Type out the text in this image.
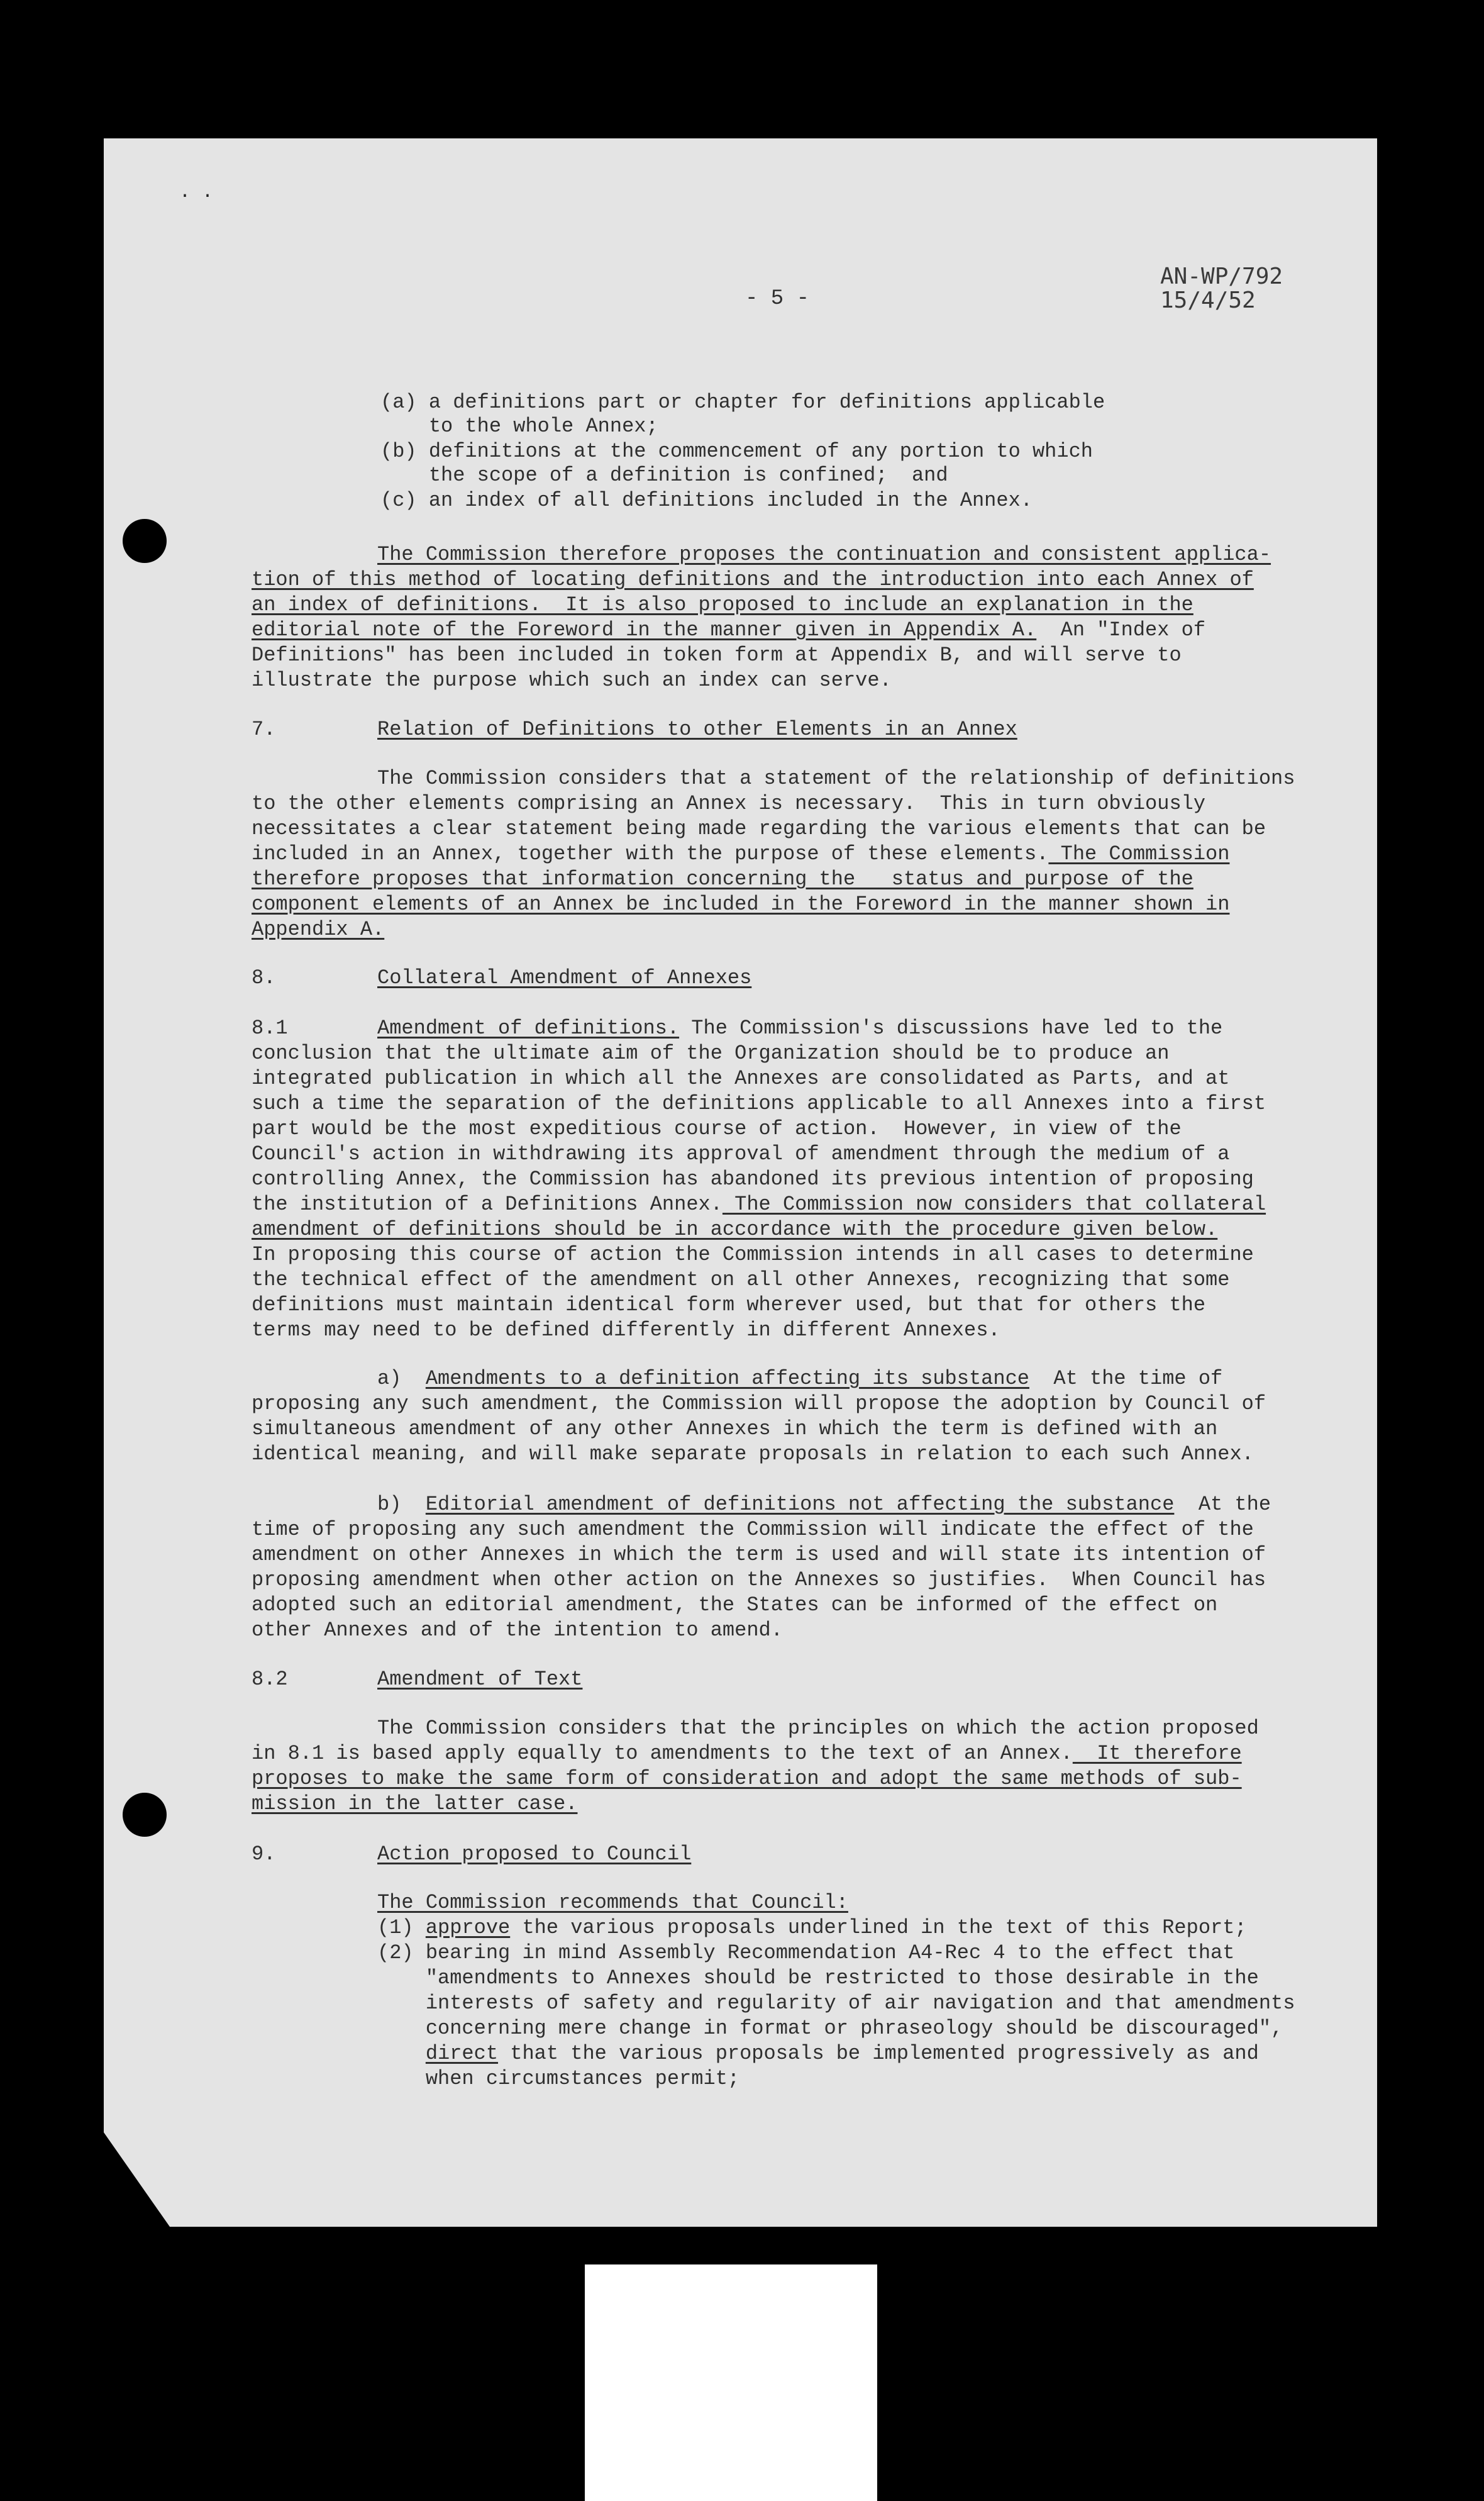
· ·
- 5 -
AN-WP/792
15/4/52
(a) a definitions part or chapter for definitions applicable
to the whole Annex;
(b) definitions at the commencement of any portion to which
the scope of a definition is confined;  and
(c) an index of all definitions included in the Annex.
The Commission therefore proposes the continuation and consistent applica-
tion of this method of locating definitions and the introduction into each Annex of
an index of definitions.  It is also proposed to include an explanation in the
editorial note of the Foreword in the manner given in Appendix A.  An "Index of
Definitions" has been included in token form at Appendix B, and will serve to
illustrate the purpose which such an index can serve.
7.	Relation of Definitions to other Elements in an Annex
The Commission considers that a statement of the relationship of definitions
to the other elements comprising an Annex is necessary.  This in turn obviously
necessitates a clear statement being made regarding the various elements that can be
included in an Annex, together with the purpose of these elements. The Commission
therefore proposes that information concerning the   status and purpose of the
component elements of an Annex be included in the Foreword in the manner shown in
Appendix A.
8.	Collateral Amendment of Annexes
8.1	Amendment of definitions. The Commission's discussions have led to the
conclusion that the ultimate aim of the Organization should be to produce an
integrated publication in which all the Annexes are consolidated as Parts, and at
such a time the separation of the definitions applicable to all Annexes into a first
part would be the most expeditious course of action.  However, in view of the
Council's action in withdrawing its approval of amendment through the medium of a
controlling Annex, the Commission has abandoned its previous intention of proposing
the institution of a Definitions Annex. The Commission now considers that collateral
amendment of definitions should be in accordance with the procedure given below.
In proposing this course of action the Commission intends in all cases to determine
the technical effect of the amendment on all other Annexes, recognizing that some
definitions must maintain identical form wherever used, but that for others the
terms may need to be defined differently in different Annexes.
a) Amendments to a definition affecting its substance  At the time of
proposing any such amendment, the Commission will propose the adoption by Council of
simultaneous amendment of any other Annexes in which the term is defined with an
identical meaning, and will make separate proposals in relation to each such Annex.
b) Editorial amendment of definitions not affecting the substance  At the
time of proposing any such amendment the Commission will indicate the effect of the
amendment on other Annexes in which the term is used and will state its intention of
proposing amendment when other action on the Annexes so justifies.  When Council has
adopted such an editorial amendment, the States can be informed of the effect on
other Annexes and of the intention to amend.
8.2	Amendment of Text
The Commission considers that the principles on which the action proposed
in 8.1 is based apply equally to amendments to the text of an Annex.  It therefore
proposes to make the same form of consideration and adopt the same methods of sub-
mission in the latter case.
9.	Action proposed to Council
The Commission recommends that Council:
(1) approve the various proposals underlined in the text of this Report;
(2) bearing in mind Assembly Recommendation A4-Rec 4 to the effect that
"amendments to Annexes should be restricted to those desirable in the
interests of safety and regularity of air navigation and that amendments
concerning mere change in format or phraseology should be discouraged",
direct that the various proposals be implemented progressively as and
when circumstances permit;
